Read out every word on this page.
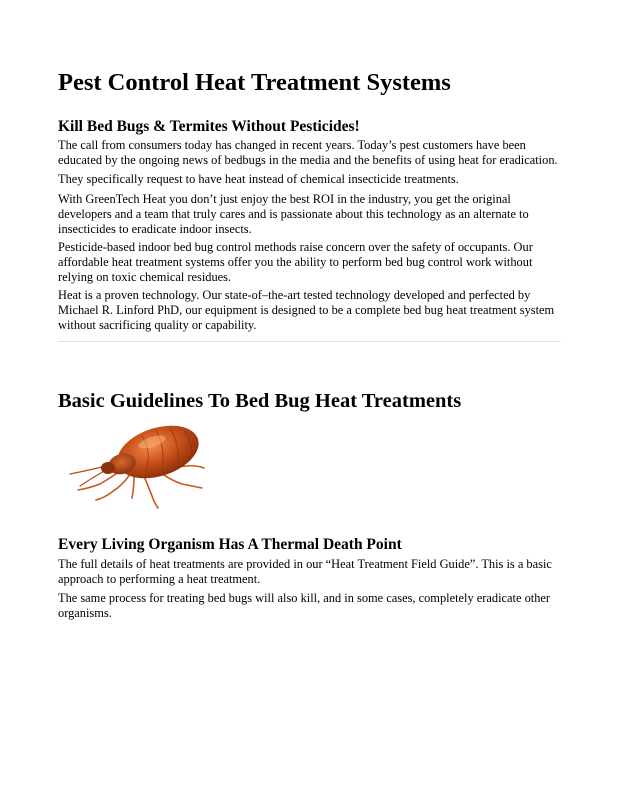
Pest Control Heat Treatment Systems
Kill Bed Bugs & Termites Without Pesticides!

The call from consumers today has changed in recent years. Today’s pest customers have been educated by the ongoing news of bedbugs in the media and the benefits of using heat for eradication.

They specifically request to have heat instead of chemical insecticide treatments.

With GreenTech Heat you don’t just enjoy the best ROI in the industry, you get the original developers and a team that truly cares and is passionate about this technology as an alternate to insecticides to eradicate indoor insects.

Pesticide-based indoor bed bug control methods raise concern over the safety of occupants. Our affordable heat treatment systems offer you the ability to perform bed bug control work without relying on toxic chemical residues.

Heat is a proven technology. Our state-of–the-art tested technology developed and perfected by Michael R. Linford PhD, our equipment is designed to be a complete bed bug heat treatment system without sacrificing quality or capability.

Basic Guidelines To Bed Bug Heat Treatments
Every Living Organism Has A Thermal Death Point

The full details of heat treatments are provided in our “Heat Treatment Field Guide”. This is a basic approach to performing a heat treatment.

The same process for treating bed bugs will also kill, and in some cases, completely eradicate other organisms.
